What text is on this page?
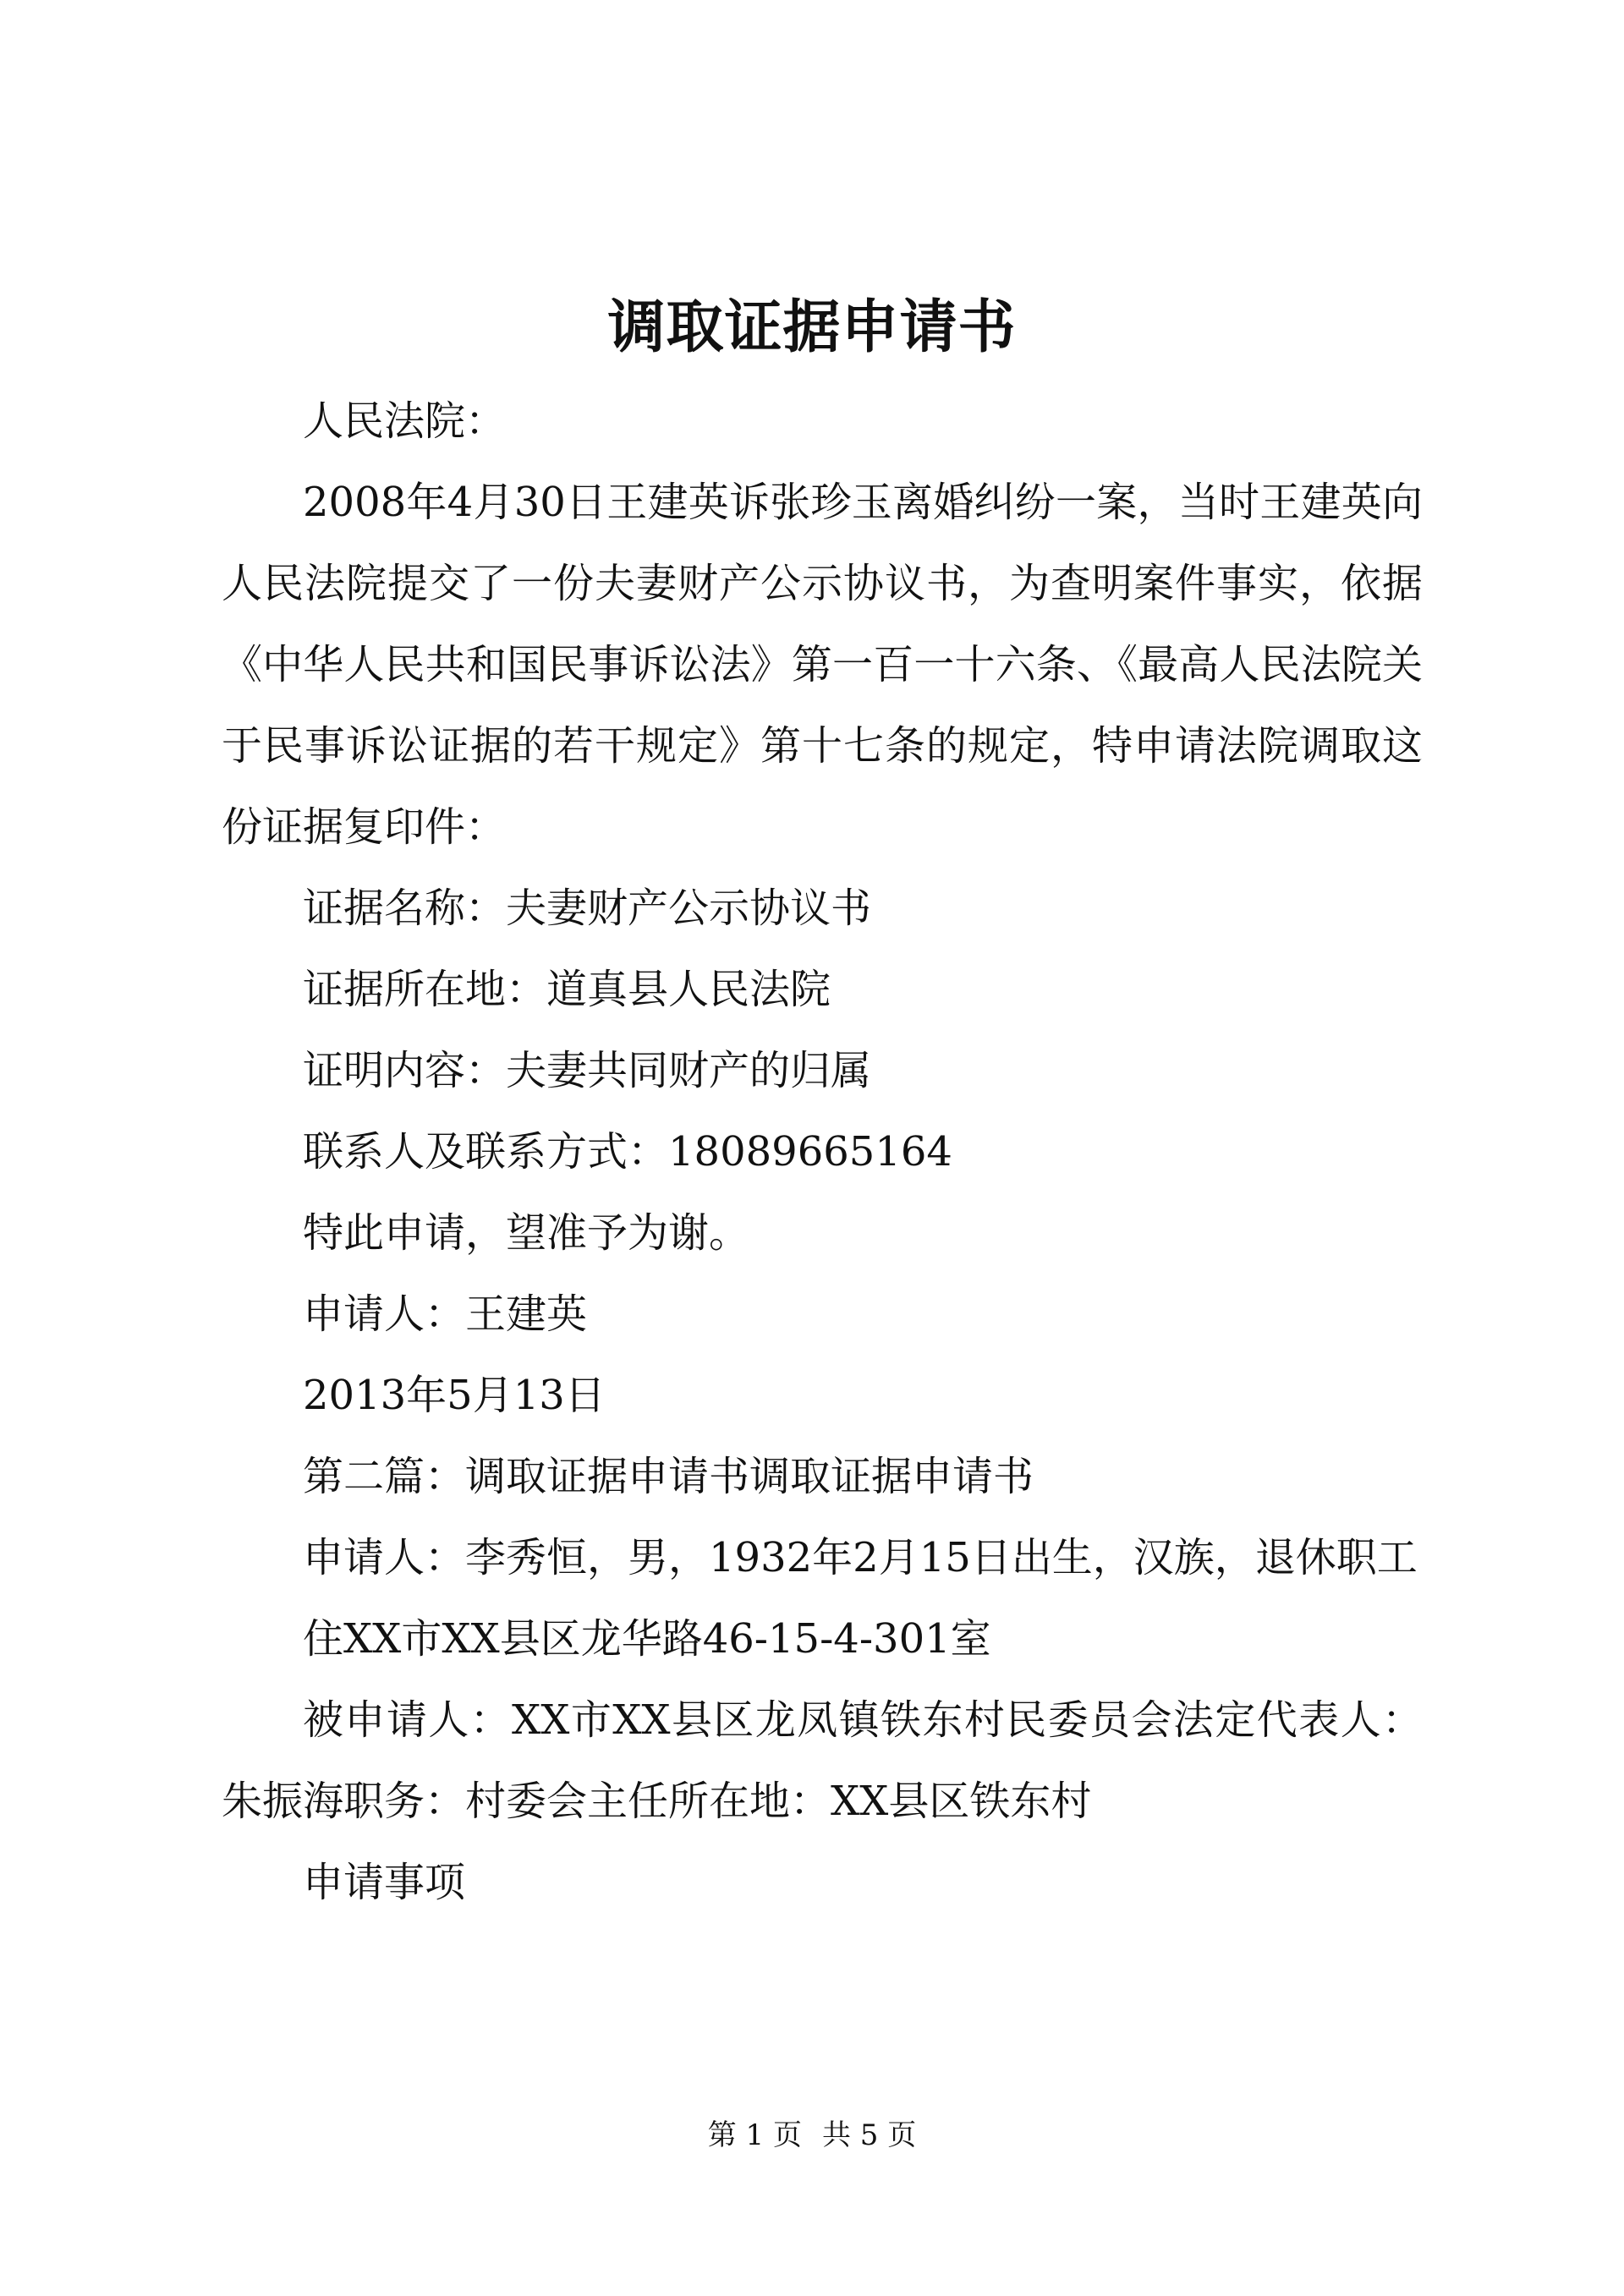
调取证据申请书

人民法院：

2008年4月30日王建英诉张珍玉离婚纠纷一案，当时王建英向人民法院提交了一份夫妻财产公示协议书，为查明案件事实，依据《中华人民共和国民事诉讼法》第一百一十六条、《最高人民法院关于民事诉讼证据的若干规定》第十七条的规定，特申请法院调取这份证据复印件：

证据名称：夫妻财产公示协议书

证据所在地：道真县人民法院

证明内容：夫妻共同财产的归属

联系人及联系方式：18089665164

特此申请，望准予为谢。

申请人：王建英

2013年5月13日

第二篇：调取证据申请书调取证据申请书

申请人：李秀恒，男，1932年2月15日出生，汉族，退休职工

住XX市XX县区龙华路46-15-4-301室

被申请人：XX市XX县区龙凤镇铁东村民委员会法定代表人：朱振海职务：村委会主任所在地：XX县区铁东村

申请事项

第 1 页 共 5 页
